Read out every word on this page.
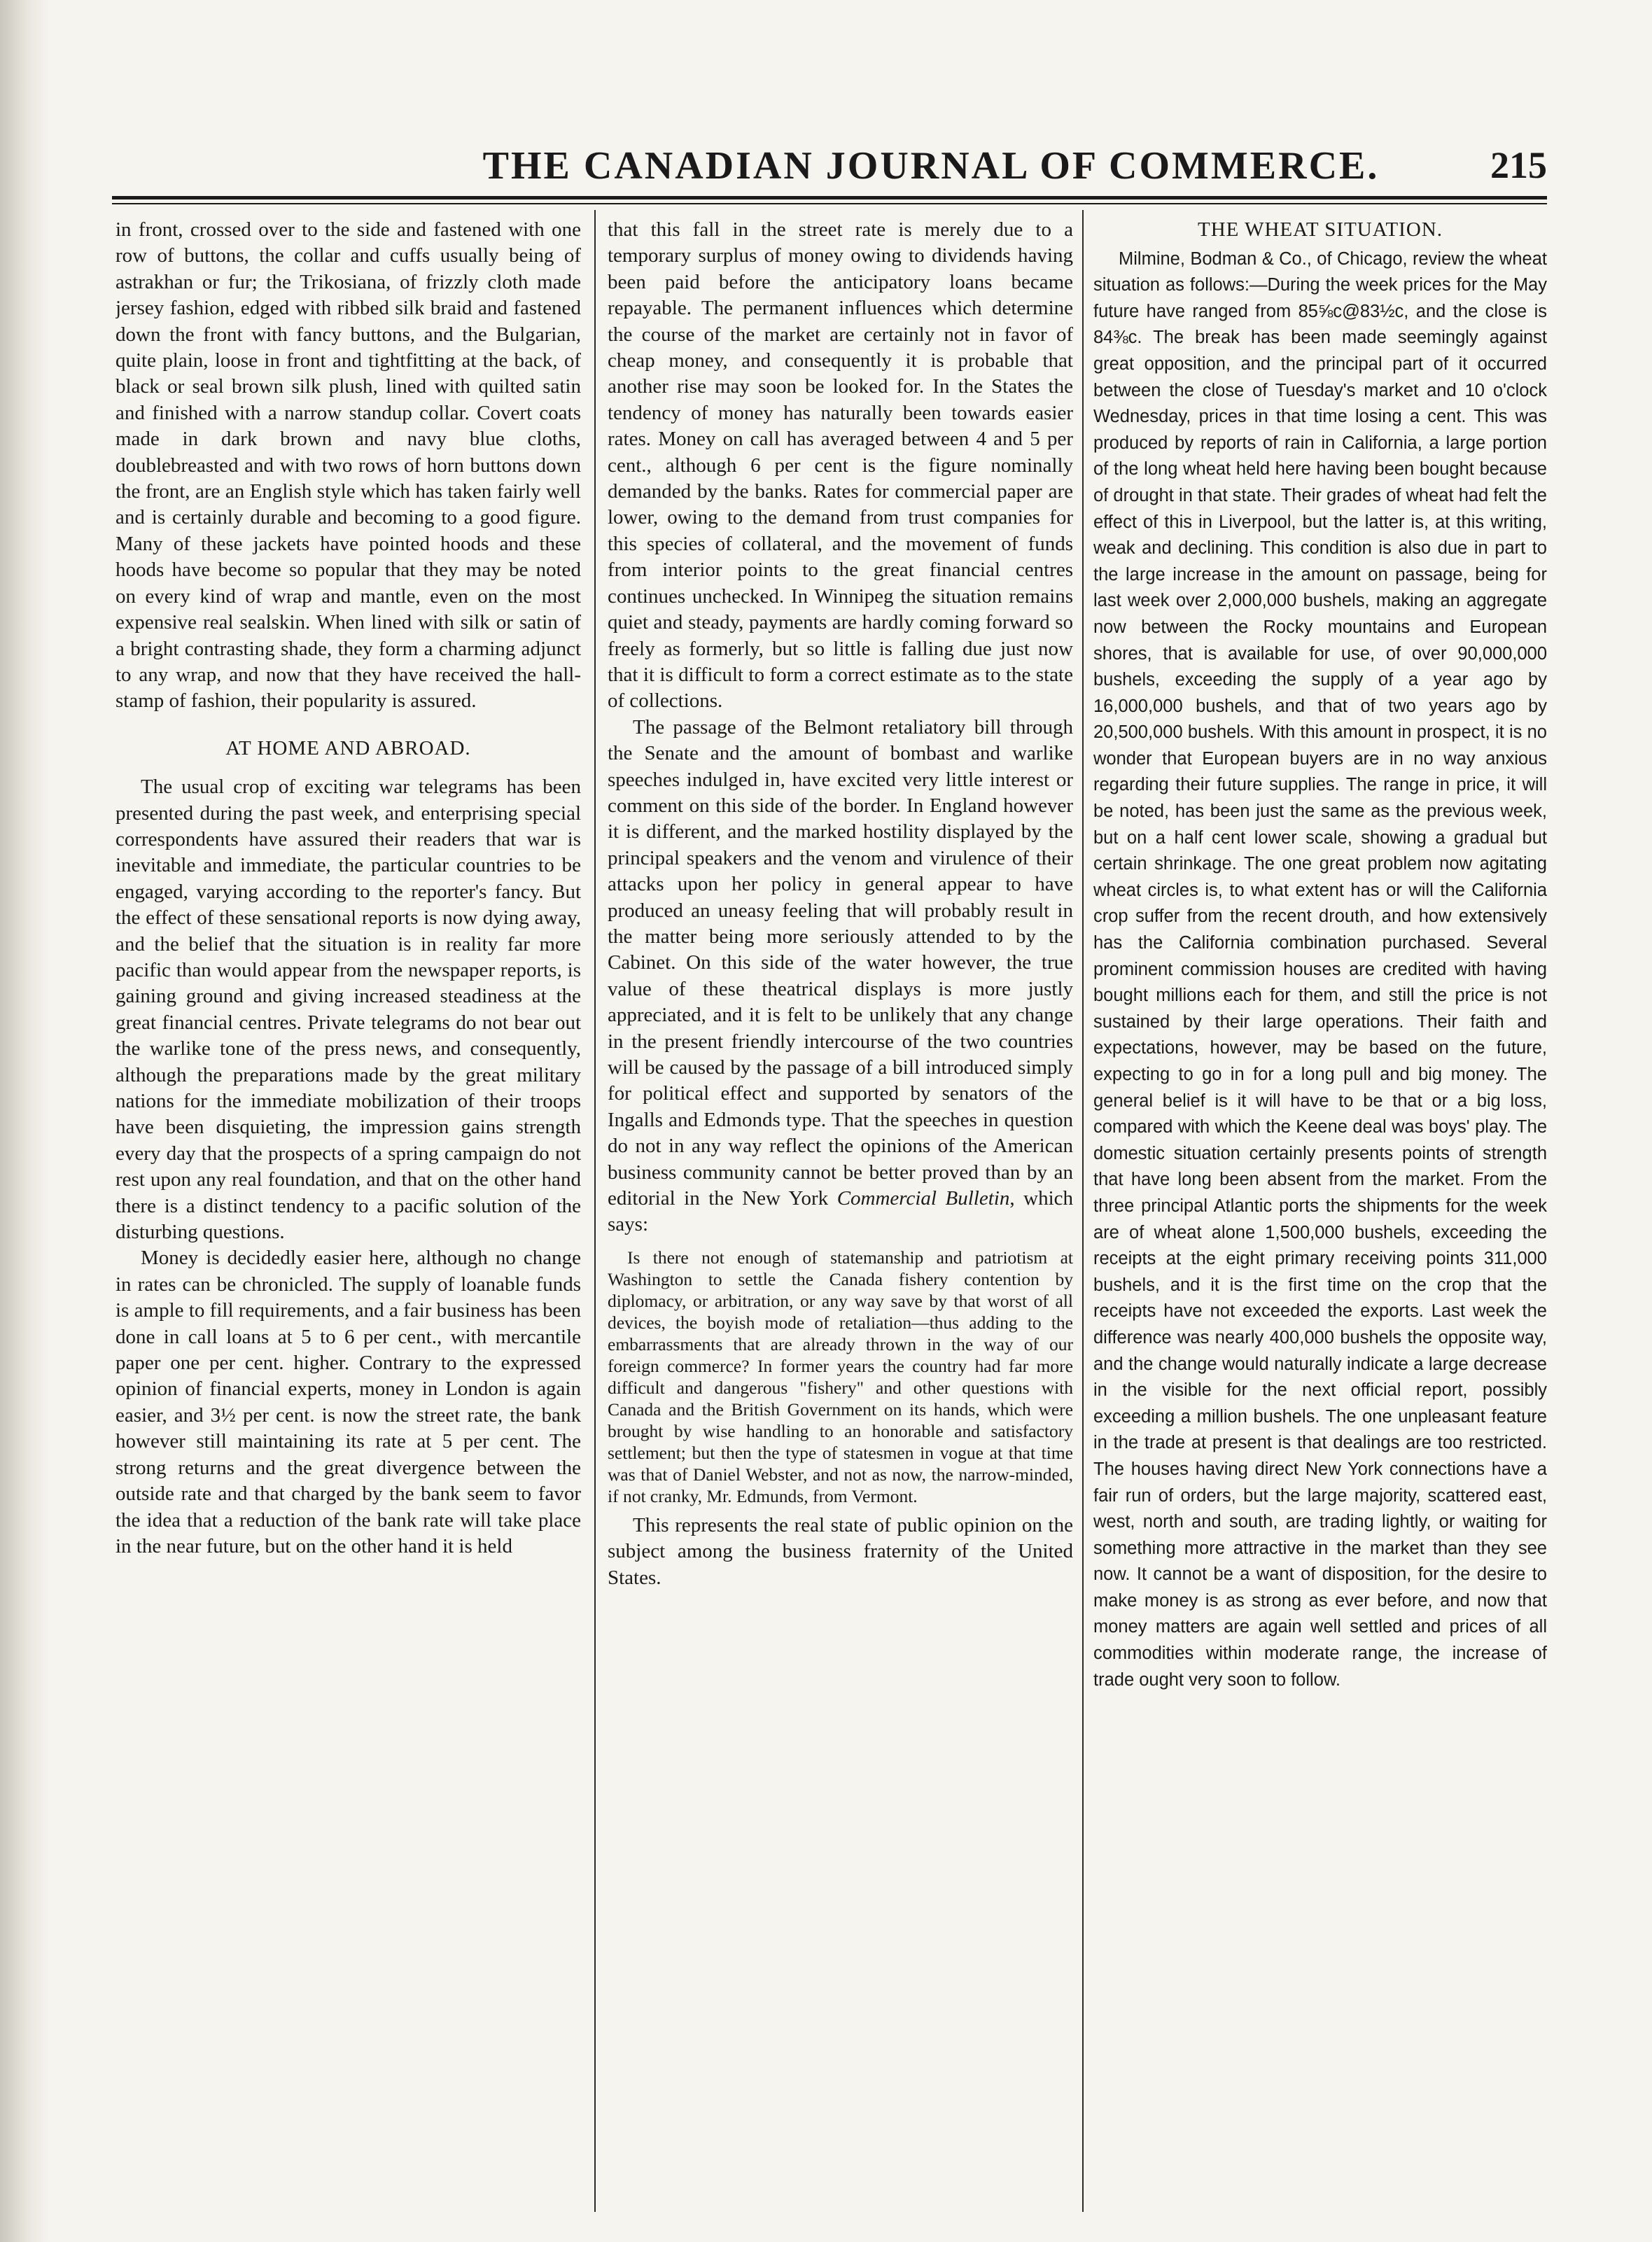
THE CANADIAN JOURNAL OF COMMERCE.	215

in front, crossed over to the side and fastened with one row of buttons, the collar and cuffs usually being of astrakhan or fur; the Trikosiana, of frizzly cloth made jersey fashion, edged with ribbed silk braid and fastened down the front with fancy buttons, and the Bulgarian, quite plain, loose in front and tightfitting at the back, of black or seal brown silk plush, lined with quilted satin and finished with a narrow standup collar. Covert coats made in dark brown and navy blue cloths, doublebreasted and with two rows of horn buttons down the front, are an English style which has taken fairly well and is certainly durable and becoming to a good figure. Many of these jackets have pointed hoods and these hoods have become so popular that they may be noted on every kind of wrap and mantle, even on the most expensive real sealskin. When lined with silk or satin of a bright contrasting shade, they form a charming adjunct to any wrap, and now that they have received the hall-stamp of fashion, their popularity is assured.

AT HOME AND ABROAD.

The usual crop of exciting war telegrams has been presented during the past week, and enterprising special correspondents have assured their readers that war is inevitable and immediate, the particular countries to be engaged, varying according to the reporter's fancy. But the effect of these sensational reports is now dying away, and the belief that the situation is in reality far more pacific than would appear from the newspaper reports, is gaining ground and giving increased steadiness at the great financial centres. Private telegrams do not bear out the warlike tone of the press news, and consequently, although the preparations made by the great military nations for the immediate mobilization of their troops have been disquieting, the impression gains strength every day that the prospects of a spring campaign do not rest upon any real foundation, and that on the other hand there is a distinct tendency to a pacific solution of the disturbing questions.

Money is decidedly easier here, although no change in rates can be chronicled. The supply of loanable funds is ample to fill requirements, and a fair business has been done in call loans at 5 to 6 per cent., with mercantile paper one per cent. higher. Contrary to the expressed opinion of financial experts, money in London is again easier, and 3½ per cent. is now the street rate, the bank however still maintaining its rate at 5 per cent. The strong returns and the great divergence between the outside rate and that charged by the bank seem to favor the idea that a reduction of the bank rate will take place in the near future, but on the other hand it is held

that this fall in the street rate is merely due to a temporary surplus of money owing to dividends having been paid before the anticipatory loans became repayable. The permanent influences which determine the course of the market are certainly not in favor of cheap money, and consequently it is probable that another rise may soon be looked for. In the States the tendency of money has naturally been towards easier rates. Money on call has averaged between 4 and 5 per cent., although 6 per cent is the figure nominally demanded by the banks. Rates for commercial paper are lower, owing to the demand from trust companies for this species of collateral, and the movement of funds from interior points to the great financial centres continues unchecked. In Winnipeg the situation remains quiet and steady, payments are hardly coming forward so freely as formerly, but so little is falling due just now that it is difficult to form a correct estimate as to the state of collections.

The passage of the Belmont retaliatory bill through the Senate and the amount of bombast and warlike speeches indulged in, have excited very little interest or comment on this side of the border. In England however it is different, and the marked hostility displayed by the principal speakers and the venom and virulence of their attacks upon her policy in general appear to have produced an uneasy feeling that will probably result in the matter being more seriously attended to by the Cabinet. On this side of the water however, the true value of these theatrical displays is more justly appreciated, and it is felt to be unlikely that any change in the present friendly intercourse of the two countries will be caused by the passage of a bill introduced simply for political effect and supported by senators of the Ingalls and Edmonds type. That the speeches in question do not in any way reflect the opinions of the American business community cannot be better proved than by an editorial in the New York Commercial Bulletin, which says:

Is there not enough of statemanship and patriotism at Washington to settle the Canada fishery contention by diplomacy, or arbitration, or any way save by that worst of all devices, the boyish mode of retaliation—thus adding to the embarrassments that are already thrown in the way of our foreign commerce? In former years the country had far more difficult and dangerous "fishery" and other questions with Canada and the British Government on its hands, which were brought by wise handling to an honorable and satisfactory settlement; but then the type of statesmen in vogue at that time was that of Daniel Webster, and not as now, the narrow-minded, if not cranky, Mr. Edmunds, from Vermont.

This represents the real state of public opinion on the subject among the business fraternity of the United States.

THE WHEAT SITUATION.

Milmine, Bodman & Co., of Chicago, review the wheat situation as follows:—During the week prices for the May future have ranged from 85⅝c@83½c, and the close is 84⅜c. The break has been made seemingly against great opposition, and the principal part of it occurred between the close of Tuesday's market and 10 o'clock Wednesday, prices in that time losing a cent. This was produced by reports of rain in California, a large portion of the long wheat held here having been bought because of drought in that state. Their grades of wheat had felt the effect of this in Liverpool, but the latter is, at this writing, weak and declining. This condition is also due in part to the large increase in the amount on passage, being for last week over 2,000,000 bushels, making an aggregate now between the Rocky mountains and European shores, that is available for use, of over 90,000,000 bushels, exceeding the supply of a year ago by 16,000,000 bushels, and that of two years ago by 20,500,000 bushels. With this amount in prospect, it is no wonder that European buyers are in no way anxious regarding their future supplies. The range in price, it will be noted, has been just the same as the previous week, but on a half cent lower scale, showing a gradual but certain shrinkage. The one great problem now agitating wheat circles is, to what extent has or will the California crop suffer from the recent drouth, and how extensively has the California combination purchased. Several prominent commission houses are credited with having bought millions each for them, and still the price is not sustained by their large operations. Their faith and expectations, however, may be based on the future, expecting to go in for a long pull and big money. The general belief is it will have to be that or a big loss, compared with which the Keene deal was boys' play. The domestic situation certainly presents points of strength that have long been absent from the market. From the three principal Atlantic ports the shipments for the week are of wheat alone 1,500,000 bushels, exceeding the receipts at the eight primary receiving points 311,000 bushels, and it is the first time on the crop that the receipts have not exceeded the exports. Last week the difference was nearly 400,000 bushels the opposite way, and the change would naturally indicate a large decrease in the visible for the next official report, possibly exceeding a million bushels. The one unpleasant feature in the trade at present is that dealings are too restricted. The houses having direct New York connections have a fair run of orders, but the large majority, scattered east, west, north and south, are trading lightly, or waiting for something more attractive in the market than they see now. It cannot be a want of disposition, for the desire to make money is as strong as ever before, and now that money matters are again well settled and prices of all commodities within moderate range, the increase of trade ought very soon to follow.
